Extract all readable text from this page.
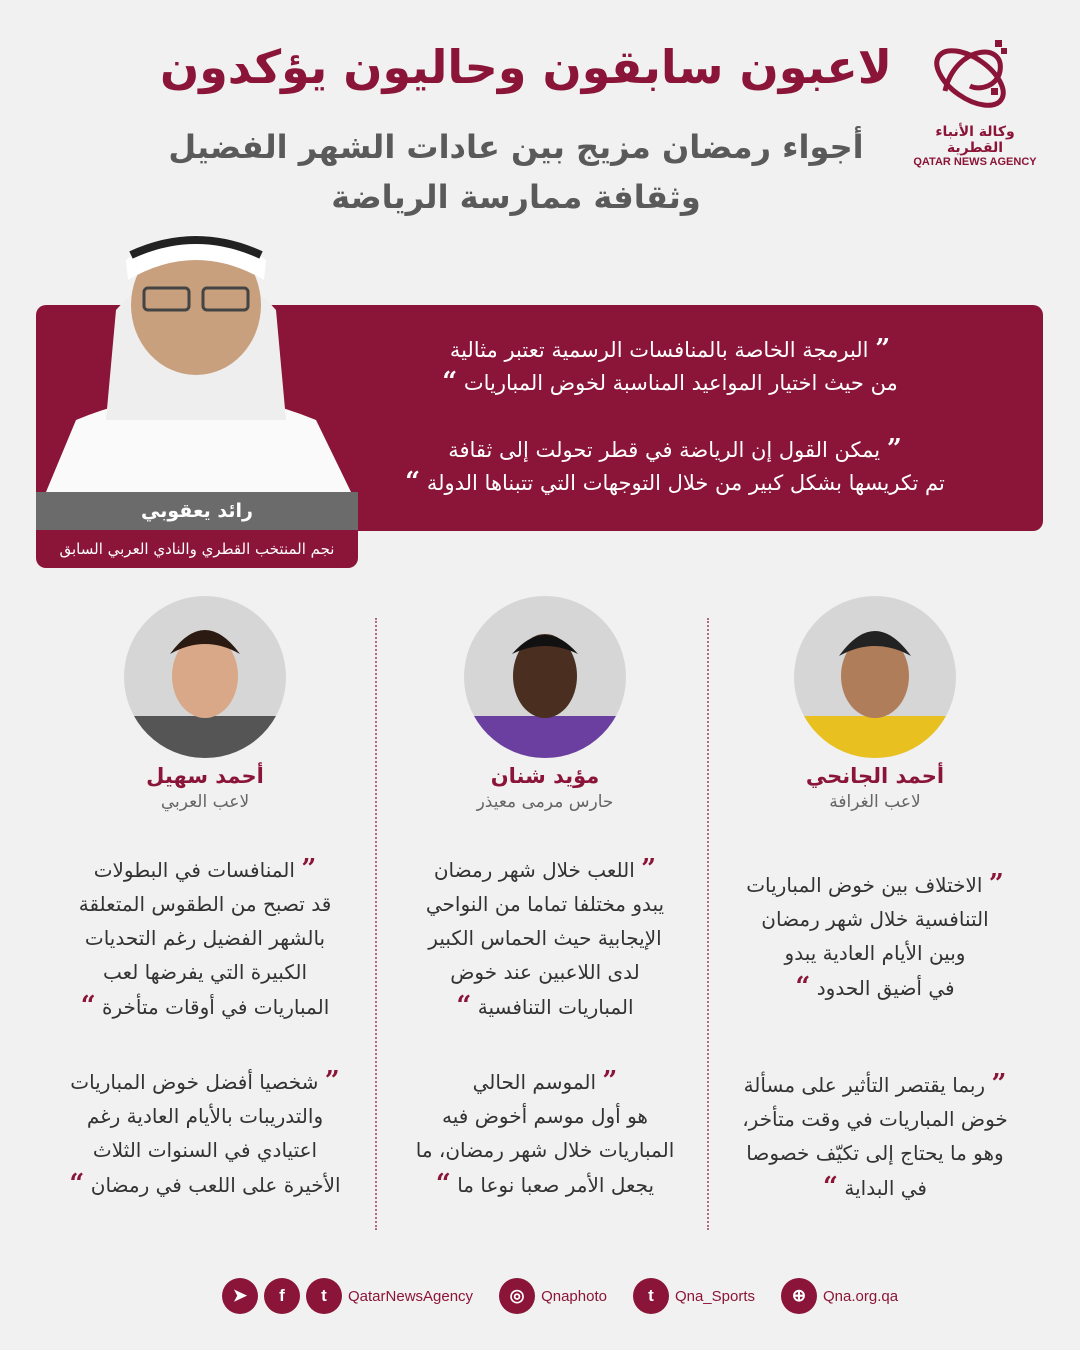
لاعبون سابقون وحاليون يؤكدون
أجواء رمضان مزيج بين عادات الشهر الفضيل
وثقافة ممارسة الرياضة
وكالة الأنباء القطرية
QATAR NEWS AGENCY
” البرمجة الخاصة بالمنافسات الرسمية تعتبر مثالية
من حيث اختيار المواعيد المناسبة لخوض المباريات “
” يمكن القول إن الرياضة في قطر تحولت إلى ثقافة
تم تكريسها بشكل كبير من خلال التوجهات التي تتبناها الدولة “
رائد يعقوبي
نجم المنتخب القطري والنادي العربي السابق
أحمد الجانحي
لاعب الغرافة
” الاختلاف بين خوض المباريات
التنافسية خلال شهر رمضان
وبين الأيام العادية يبدو
في أضيق الحدود “
” ربما يقتصر التأثير على مسألة
خوض المباريات في وقت متأخر،
وهو ما يحتاج إلى تكيّف خصوصا
في البداية “
مؤيد شنان
حارس مرمى معيذر
” اللعب خلال شهر رمضان
يبدو مختلفا تماما من النواحي
الإيجابية حيث الحماس الكبير
لدى اللاعبين عند خوض
المباريات التنافسية “
” الموسم الحالي
هو أول موسم أخوض فيه
المباريات خلال شهر رمضان، ما
يجعل الأمر صعبا نوعا ما “
أحمد سهيل
لاعب العربي
” المنافسات في البطولات
قد تصبح من الطقوس المتعلقة
بالشهر الفضيل رغم التحديات
الكبيرة التي يفرضها لعب
المباريات في أوقات متأخرة “
” شخصيا أفضل خوض المباريات
والتدريبات بالأيام العادية رغم
اعتيادي في السنوات الثلاث
الأخيرة على اللعب في رمضان “
➤	f	t	QatarNewsAgency	◎	Qnaphoto	t	Qna_Sports	⊕	Qna.org.qa
